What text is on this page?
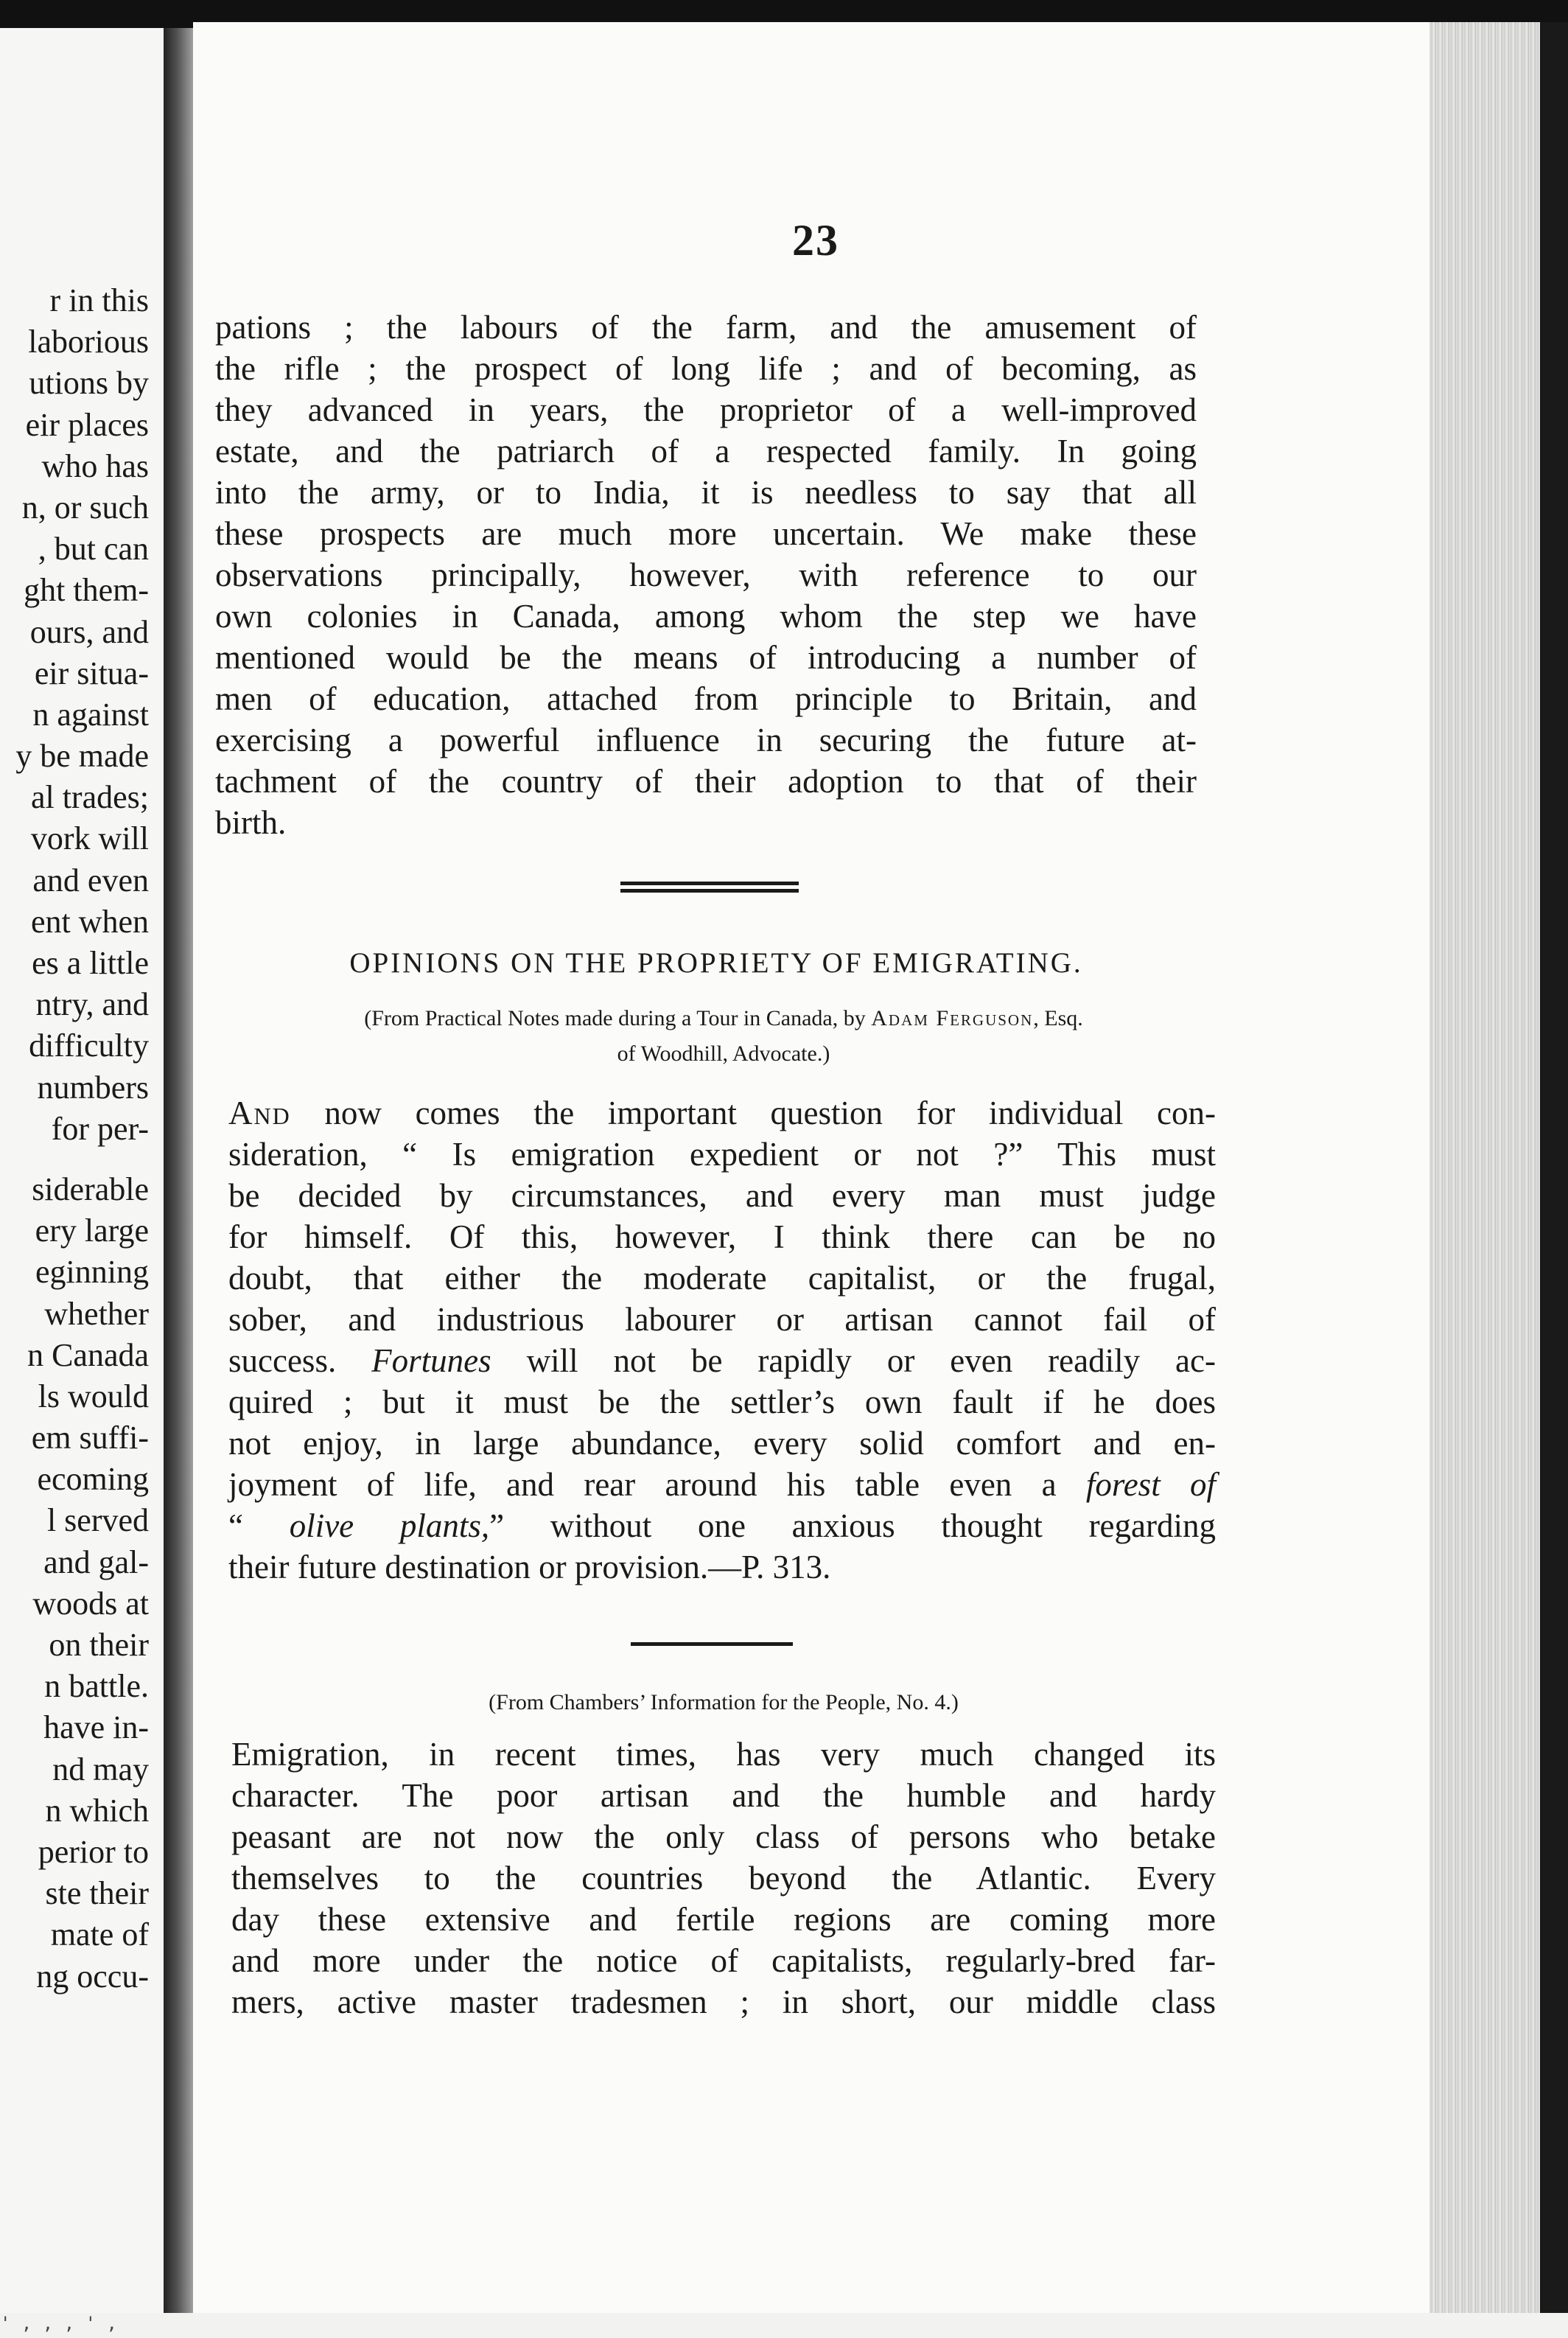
r in this
laborious
utions by
eir places
who has
n, or such
, but can
ght them-
ours, and
eir situa-
n against
y be made
al trades;
vork will
and even
ent when
es a little
ntry, and
difficulty
numbers
for per-
siderable
ery large
eginning
whether
n Canada
ls would
em suffi-
ecoming
l served
and gal-
woods at
on their
n battle.
have in-
nd may
n which
perior to
ste their
mate of
ng occu-
23
pations ; the labours of the farm, and the amusement of
the rifle ; the prospect of long life ; and of becoming, as
they advanced in years, the proprietor of a well-improved
estate, and the patriarch of a respected family. In going
into the army, or to India, it is needless to say that all
these prospects are much more uncertain. We make these
observations principally, however, with reference to our
own colonies in Canada, among whom the step we have
mentioned would be the means of introducing a number of
men of education, attached from principle to Britain, and
exercising a powerful influence in securing the future at-
tachment of the country of their adoption to that of their
birth.
OPINIONS ON THE PROPRIETY OF EMIGRATING.
(From Practical Notes made during a Tour in Canada, by Adam Ferguson, Esq.
of Woodhill, Advocate.)
And now comes the important question for individual con-
sideration, “ Is emigration expedient or not ?” This must
be decided by circumstances, and every man must judge
for himself. Of this, however, I think there can be no
doubt, that either the moderate capitalist, or the frugal,
sober, and industrious labourer or artisan cannot fail of
success. Fortunes will not be rapidly or even readily ac-
quired ; but it must be the settler’s own fault if he does
not enjoy, in large abundance, every solid comfort and en-
joyment of life, and rear around his table even a forest of
“ olive plants,” without one anxious thought regarding
their future destination or provision.—P. 313.
(From Chambers’ Information for the People, No. 4.)
Emigration, in recent times, has very much changed its
character. The poor artisan and the humble and hardy
peasant are not now the only class of persons who betake
themselves to the countries beyond the Atlantic. Every
day these extensive and fertile regions are coming more
and more under the notice of capitalists, regularly-bred far-
mers, active master tradesmen ; in short, our middle class
' , , , ' ,
